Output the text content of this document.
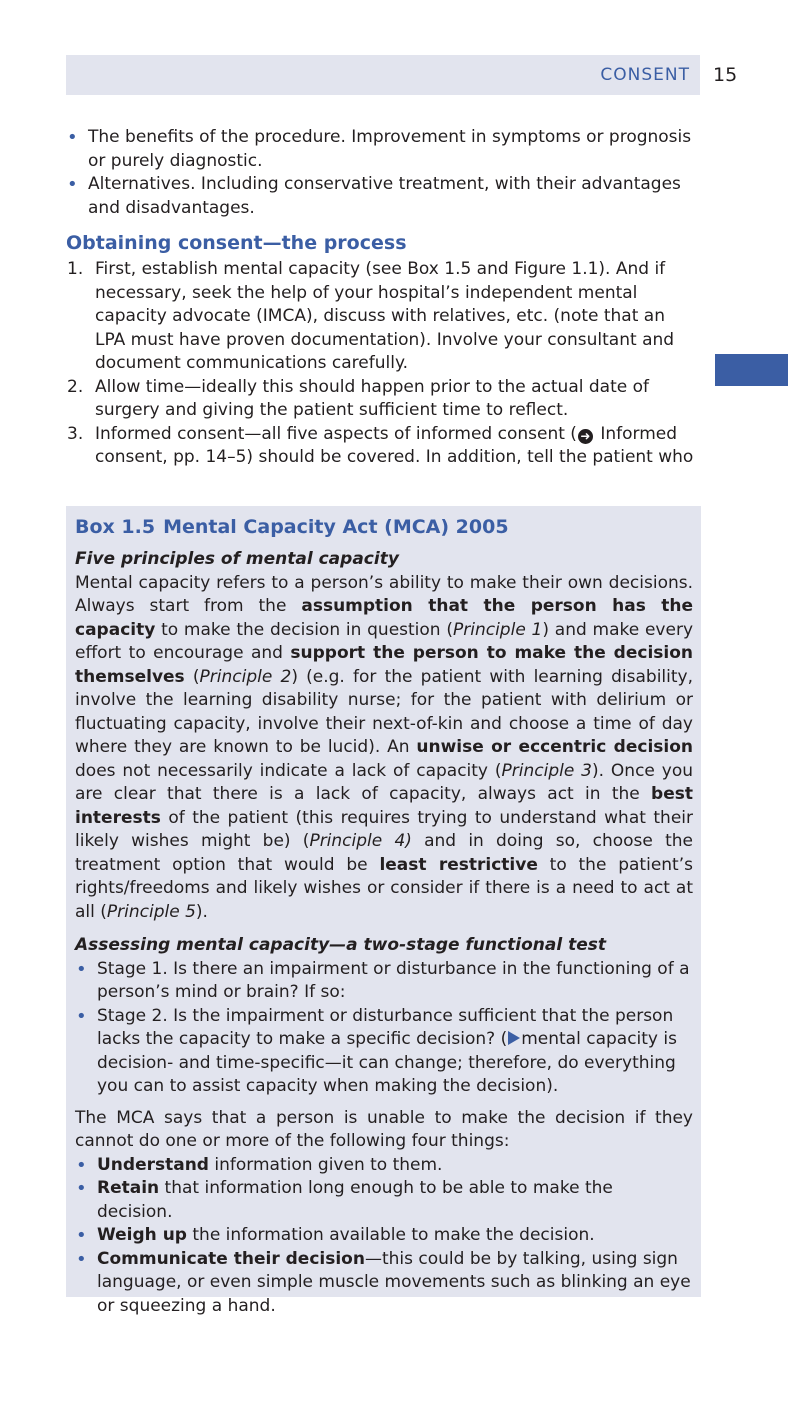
CONSENT 15
• The benefits of the procedure. Improvement in symptoms or prognosis or purely diagnostic.
• Alternatives. Including conservative treatment, with their advantages and disadvantages.
Obtaining consent—the process
1. First, establish mental capacity (see Box 1.5 and Figure 1.1). And if necessary, seek the help of your hospital’s independent mental capacity advocate (IMCA), discuss with relatives, etc. (note that an LPA must have proven documentation). Involve your consultant and document communications carefully.
2. Allow time—ideally this should happen prior to the actual date of surgery and giving the patient sufficient time to reflect.
3. Informed consent—all five aspects of informed consent ( ➜ Informed consent, pp. 14–5) should be covered. In addition, tell the patient who
Box 1.5 Mental Capacity Act (MCA) 2005
Five principles of mental capacity

Mental capacity refers to a person’s ability to make their own decisions. Always start from the assumption that the person has the capacity to make the decision in question (Principle 1) and make every effort to encourage and support the person to make the decision themselves (Principle 2) (e.g. for the patient with learning disability, involve the learning disability nurse; for the patient with delirium or fluctuating capacity, involve their next-of-kin and choose a time of day where they are known to be lucid). An unwise or eccentric decision does not necessarily indicate a lack of capacity (Principle 3). Once you are clear that there is a lack of capacity, always act in the best interests of the patient (this requires trying to understand what their likely wishes might be) (Principle 4) and in doing so, choose the treatment option that would be least restrictive to the patient’s rights/freedoms and likely wishes or consider if there is a need to act at all (Principle 5).

Assessing mental capacity—a two-stage functional test
• Stage 1. Is there an impairment or disturbance in the functioning of a person’s mind or brain? If so:
• Stage 2. Is the impairment or disturbance sufficient that the person lacks the capacity to make a specific decision? ( mental capacity is decision- and time-specific—it can change; therefore, do everything you can to assist capacity when making the decision).

The MCA says that a person is unable to make the decision if they cannot do one or more of the following four things:

• Understand information given to them.
• Retain that information long enough to be able to make the decision.
• Weigh up the information available to make the decision.
• Communicate their decision—this could be by talking, using sign language, or even simple muscle movements such as blinking an eye or squeezing a hand.
